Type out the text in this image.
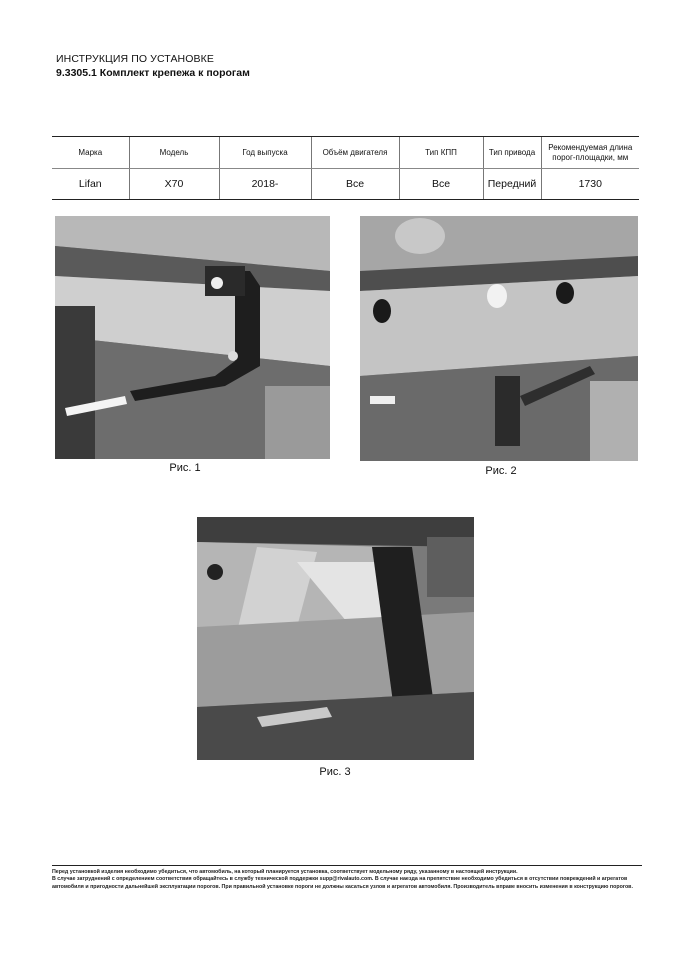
ИНСТРУКЦИЯ ПО УСТАНОВКЕ
9.3305.1 Комплект крепежа к порогам
Марка	Модель	Год выпуска	Объём двигателя	Тип КПП	Тип привода	Рекомендуемая длина порог-площадки, мм
Lifan	X70	2018-	Все	Все	Передний	1730
Рис. 1	Рис. 2
Рис. 3

Перед установкой изделия необходимо убедиться, что автомобиль, на который планируется установка, соответствует модельному ряду, указанному в настоящей инструкции.

В случае затруднений с определением соответствия обращайтесь в службу технической поддержки supp@rivalauto.com. В случае наезда на препятствие необходимо убедиться в отсутствии повреждений и агрегатов автомобиля и пригодности дальнейшей эксплуатации порогов. При правильной установке пороги не должны касаться узлов и агрегатов автомобиля. Производитель вправе вносить изменения в конструкцию порогов.
